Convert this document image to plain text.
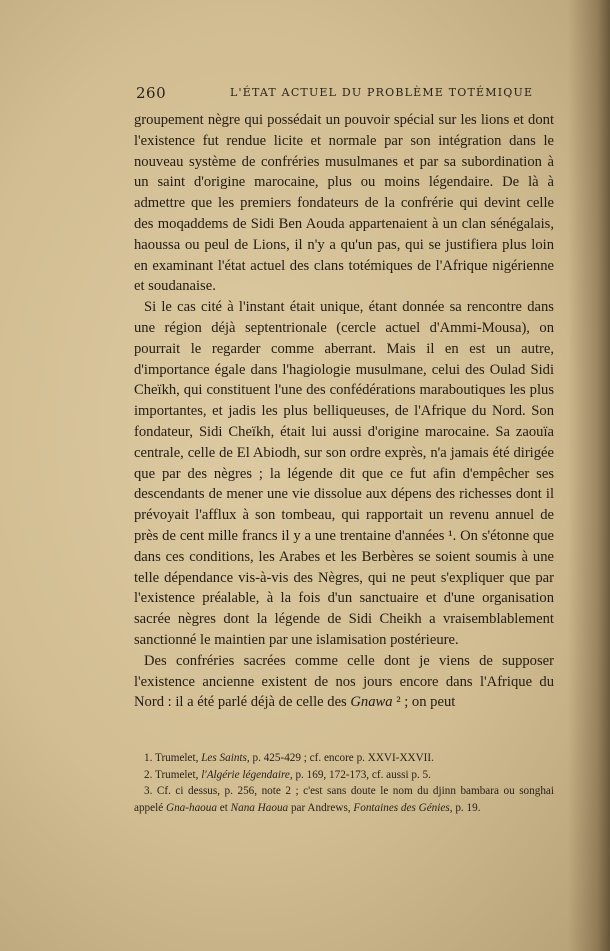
260	L'ÉTAT ACTUEL DU PROBLÈME TOTÉMIQUE

groupement nègre qui possédait un pouvoir spécial sur les lions et dont l'existence fut rendue licite et normale par son intégration dans le nouveau système de confréries musulmanes et par sa subordination à un saint d'origine marocaine, plus ou moins légendaire. De là à admettre que les premiers fondateurs de la confrérie qui devint celle des moqaddems de Sidi Ben Aouda appartenaient à un clan sénégalais, haoussa ou peul de Lions, il n'y a qu'un pas, qui se justifiera plus loin en examinant l'état actuel des clans totémiques de l'Afrique nigérienne et soudanaise.

Si le cas cité à l'instant était unique, étant donnée sa rencontre dans une région déjà septentrionale (cercle actuel d'Ammi-Mousa), on pourrait le regarder comme aberrant. Mais il en est un autre, d'importance égale dans l'hagiologie musulmane, celui des Oulad Sidi Cheïkh, qui constituent l'une des confédérations maraboutiques les plus importantes, et jadis les plus belliqueuses, de l'Afrique du Nord. Son fondateur, Sidi Cheïkh, était lui aussi d'origine marocaine. Sa zaouïa centrale, celle de El Abiodh, sur son ordre exprès, n'a jamais été dirigée que par des nègres ; la légende dit que ce fut afin d'empêcher ses descendants de mener une vie dissolue aux dépens des richesses dont il prévoyait l'afflux à son tombeau, qui rapportait un revenu annuel de près de cent mille francs il y a une trentaine d'années ¹. On s'étonne que dans ces conditions, les Arabes et les Berbères se soient soumis à une telle dépendance vis-à-vis des Nègres, qui ne peut s'expliquer que par l'existence préalable, à la fois d'un sanctuaire et d'une organisation sacrée nègres dont la légende de Sidi Cheikh a vraisemblablement sanctionné le maintien par une islamisation postérieure.

Des confréries sacrées comme celle dont je viens de supposer l'existence ancienne existent de nos jours encore dans l'Afrique du Nord : il a été parlé déjà de celle des Gnawa ² ; on peut

1. Trumelet, Les Saints, p. 425-429 ; cf. encore p. XXVI-XXVII.
2. Trumelet, l'Algérie légendaire, p. 169, 172-173, cf. aussi p. 5.
3. Cf. ci dessus, p. 256, note 2 ; c'est sans doute le nom du djinn bambara ou songhai appelé Gna-haoua et Nana Haoua par Andrews, Fontaines des Génies, p. 19.
